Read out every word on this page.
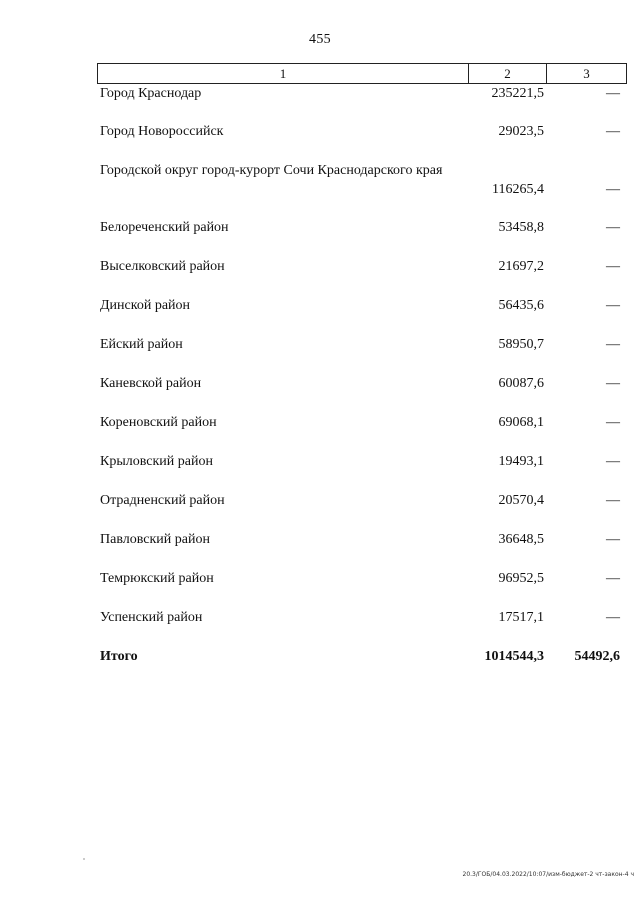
455
1	2	3
Город Краснодар	235221,5	—
Город Новороссийск	29023,5	—
Городской округ город-курорт Сочи Краснодарского края
116265,4	—
Белореченский район	53458,8	—
Выселковский район	21697,2	—
Динской район	56435,6	—
Ейский район	58950,7	—
Каневской район	60087,6	—
Кореновский район	69068,1	—
Крыловский район	19493,1	—
Отрадненский район	20570,4	—
Павловский район	36648,5	—
Темрюкский район	96952,5	—
Успенский район	17517,1	—
Итого	1014544,3	54492,6
20.3/ГОБ/04.03.2022/10:07/изм-бюджет-2 чт-закон-4 ч
